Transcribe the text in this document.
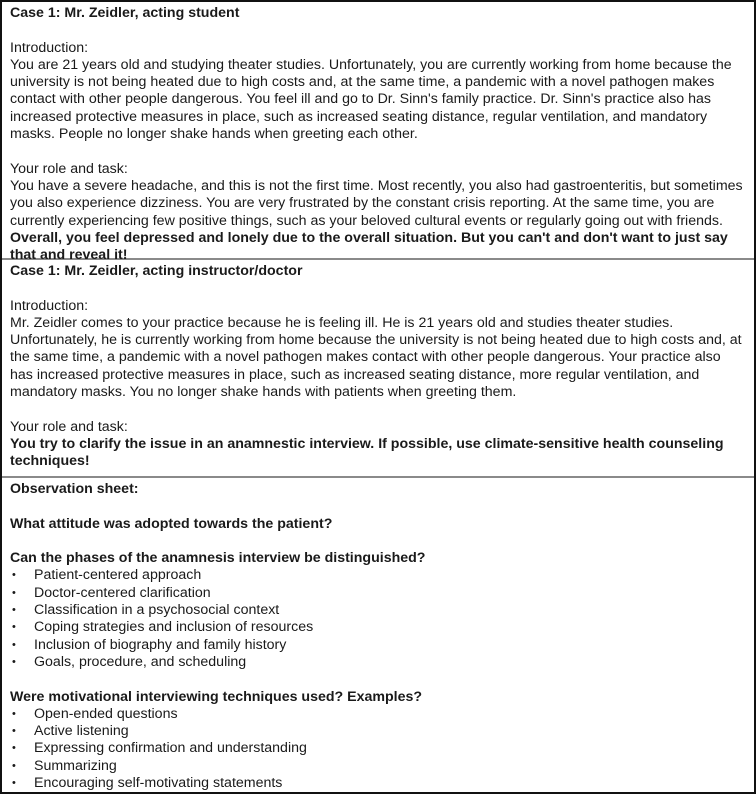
Case 1: Mr. Zeidler, acting student

Introduction:

You are 21 years old and studying theater studies. Unfortunately, you are currently working from home because the university is not being heated due to high costs and, at the same time, a pandemic with a novel pathogen makes contact with other people dangerous. You feel ill and go to Dr. Sinn's family practice. Dr. Sinn's practice also has increased protective measures in place, such as increased seating distance, regular ventilation, and mandatory masks. People no longer shake hands when greeting each other.

Your role and task:

You have a severe headache, and this is not the first time. Most recently, you also had gastroenteritis, but sometimes you also experience dizziness. You are very frustrated by the constant crisis reporting. At the same time, you are currently experiencing few positive things, such as your beloved cultural events or regularly going out with friends. Overall, you feel depressed and lonely due to the overall situation. But you can't and don't want to just say that and reveal it!

Case 1: Mr. Zeidler, acting instructor/doctor

Introduction:

Mr. Zeidler comes to your practice because he is feeling ill. He is 21 years old and studies theater studies. Unfortunately, he is currently working from home because the university is not being heated due to high costs and, at the same time, a pandemic with a novel pathogen makes contact with other people dangerous. Your practice also has increased protective measures in place, such as increased seating distance, more regular ventilation, and mandatory masks. You no longer shake hands with patients when greeting them.

Your role and task:

You try to clarify the issue in an anamnestic interview. If possible, use climate-sensitive health counseling techniques!

Observation sheet:

What attitude was adopted towards the patient?

Can the phases of the anamnesis interview be distinguished?

• Patient-centered approach
• Doctor-centered clarification
• Classification in a psychosocial context
• Coping strategies and inclusion of resources
• Inclusion of biography and family history
• Goals, procedure, and scheduling

Were motivational interviewing techniques used? Examples?

• Open-ended questions
• Active listening
• Expressing confirmation and understanding
• Summarizing
• Encouraging self-motivating statements
